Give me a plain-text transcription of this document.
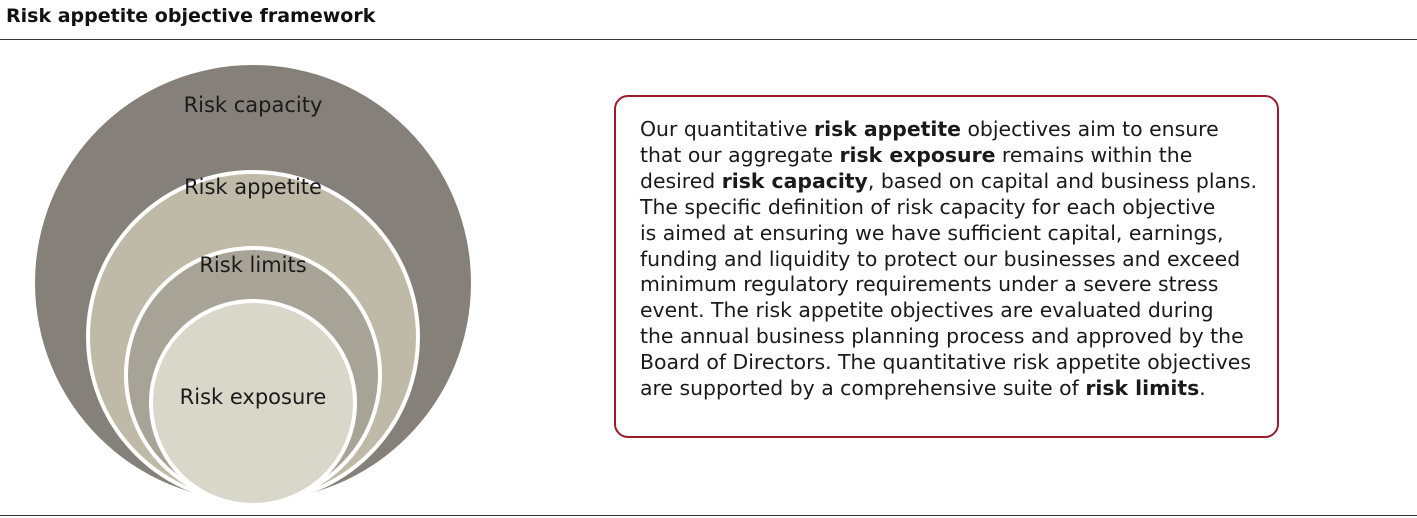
Risk appetite objective framework
Risk capacity
Risk appetite
Risk limits
Risk exposure
Our quantitative risk appetite objectives aim to ensure
that our aggregate risk exposure remains within the
desired risk capacity, based on capital and business plans.
The specific definition of risk capacity for each objective
is aimed at ensuring we have sufficient capital, earnings,
funding and liquidity to protect our businesses and exceed
minimum regulatory requirements under a severe stress
event. The risk appetite objectives are evaluated during
the annual business planning process and approved by the
Board of Directors. The quantitative risk appetite objectives
are supported by a comprehensive suite of risk limits.
